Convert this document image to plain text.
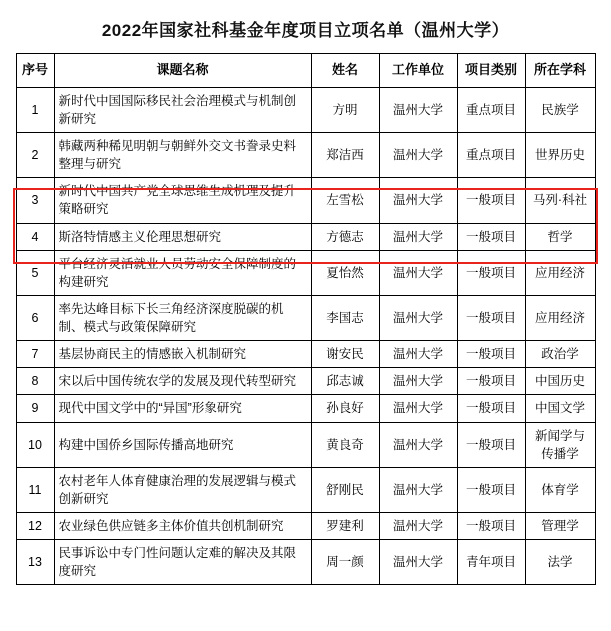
2022年国家社科基金年度项目立项名单（温州大学）
序号	课题名称	姓名	工作单位	项目类别	所在学科
1	新时代中国国际移民社会治理模式与机制创新研究	方明	温州大学	重点项目	民族学
2	韩藏两种稀见明朝与朝鲜外交文书誊录史料整理与研究	郑洁西	温州大学	重点项目	世界历史
3	新时代中国共产党全球思维生成机理及提升策略研究	左雪松	温州大学	一般项目	马列·科社
4	斯洛特情感主义伦理思想研究	方德志	温州大学	一般项目	哲学
5	平台经济灵活就业人员劳动安全保障制度的构建研究	夏怡然	温州大学	一般项目	应用经济
6	率先达峰目标下长三角经济深度脱碳的机制、模式与政策保障研究	李国志	温州大学	一般项目	应用经济
7	基层协商民主的情感嵌入机制研究	谢安民	温州大学	一般项目	政治学
8	宋以后中国传统农学的发展及现代转型研究	邱志诚	温州大学	一般项目	中国历史
9	现代中国文学中的“异国”形象研究	孙良好	温州大学	一般项目	中国文学
10	构建中国侨乡国际传播高地研究	黄良奇	温州大学	一般项目	新闻学与传播学
11	农村老年人体育健康治理的发展逻辑与模式创新研究	舒刚民	温州大学	一般项目	体育学
12	农业绿色供应链多主体价值共创机制研究	罗建利	温州大学	一般项目	管理学
13	民事诉讼中专门性问题认定难的解决及其限度研究	周一颜	温州大学	青年项目	法学
